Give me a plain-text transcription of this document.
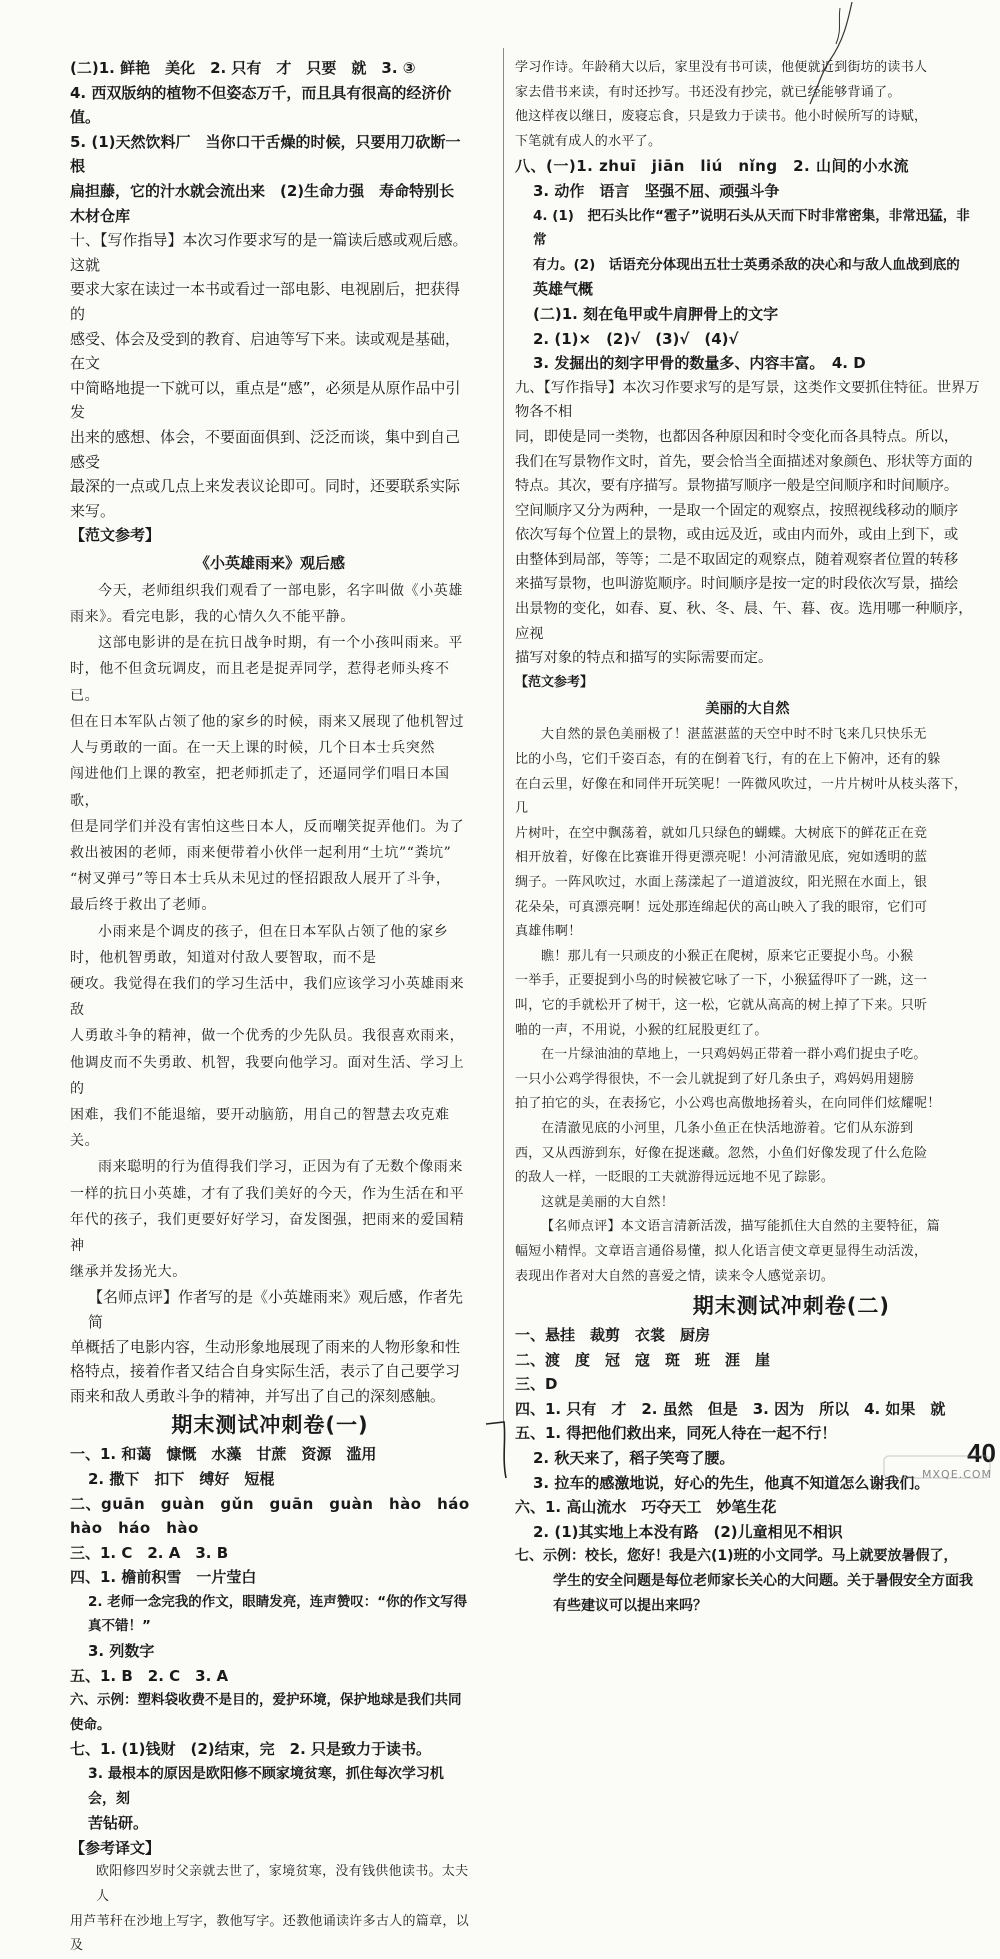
(二)1. 鲜艳　美化　2. 只有　才　只要　就　3. ③
4. 西双版纳的植物不但姿态万千，而且具有很高的经济价值。
5. (1)天然饮料厂　当你口干舌燥的时候，只要用刀砍断一根
扁担藤，它的汁水就会流出来　(2)生命力强　寿命特别长
木材仓库
十、【写作指导】本次习作要求写的是一篇读后感或观后感。这就
要求大家在读过一本书或看过一部电影、电视剧后，把获得的
感受、体会及受到的教育、启迪等写下来。读或观是基础，在文
中简略地提一下就可以，重点是“感”，必须是从原作品中引发
出来的感想、体会，不要面面俱到、泛泛而谈，集中到自己感受
最深的一点或几点上来发表议论即可。同时，还要联系实际
来写。
【范文参考】
《小英雄雨来》观后感
今天，老师组织我们观看了一部电影，名字叫做《小英雄
雨来》。看完电影，我的心情久久不能平静。
这部电影讲的是在抗日战争时期，有一个小孩叫雨来。平
时，他不但贪玩调皮，而且老是捉弄同学，惹得老师头疼不已。
但在日本军队占领了他的家乡的时候，雨来又展现了他机智过
人与勇敢的一面。在一天上课的时候，几个日本士兵突然
闯进他们上课的教室，把老师抓走了，还逼同学们唱日本国歌，
但是同学们并没有害怕这些日本人，反而嘲笑捉弄他们。为了
救出被困的老师，雨来便带着小伙伴一起利用“土坑”“粪坑”
“树叉弹弓”等日本士兵从未见过的怪招跟敌人展开了斗争，
最后终于救出了老师。
小雨来是个调皮的孩子，但在日本军队占领了他的家乡
时，他机智勇敢，知道对付敌人要智取，而不是
硬攻。我觉得在我们的学习生活中，我们应该学习小英雄雨来敌
人勇敢斗争的精神，做一个优秀的少先队员。我很喜欢雨来，
他调皮而不失勇敢、机智，我要向他学习。面对生活、学习上的
困难，我们不能退缩，要开动脑筋，用自己的智慧去攻克难关。
雨来聪明的行为值得我们学习，正因为有了无数个像雨来
一样的抗日小英雄，才有了我们美好的今天，作为生活在和平
年代的孩子，我们更要好好学习，奋发图强，把雨来的爱国精神
继承并发扬光大。
【名师点评】作者写的是《小英雄雨来》观后感，作者先简
单概括了电影内容，生动形象地展现了雨来的人物形象和性
格特点，接着作者又结合自身实际生活，表示了自己要学习
雨来和敌人勇敢斗争的精神，并写出了自己的深刻感触。
期末测试冲刺卷(一)
一、1. 和蔼　慷慨　水藻　甘蔗　资源　滥用
2. 撒下　扣下　缚好　短棍
二、guān　guàn　gǔn　guān　guàn　hào　háo　hào　háo　hào
三、1. C　2. A　3. B
四、1. 檐前积雪　一片莹白
2. 老师一念完我的作文，眼睛发亮，连声赞叹：“你的作文写得真不错！”
3. 列数字
五、1. B　2. C　3. A
六、示例：塑料袋收费不是目的，爱护环境，保护地球是我们共同使命。
七、1. (1)钱财　(2)结束，完　2. 只是致力于读书。
3. 最根本的原因是欧阳修不顾家境贫寒，抓住每次学习机会，刻
苦钻研。
【参考译文】
欧阳修四岁时父亲就去世了，家境贫寒，没有钱供他读书。太夫人
用芦苇秆在沙地上写字，教他写字。还教他诵读许多古人的篇章，以及
学习作诗。年龄稍大以后，家里没有书可读，他便就近到街坊的读书人
家去借书来读，有时还抄写。书还没有抄完，就已经能够背诵了。
他这样夜以继日，废寝忘食，只是致力于读书。他小时候所写的诗赋，
下笔就有成人的水平了。
八、(一)1. zhuī　jiān　liú　nǐng　2. 山间的小水流
3. 动作　语言　坚强不屈、顽强斗争
4. (1)　把石头比作“雹子”说明石头从天而下时非常密集，非常迅猛，非常
有力。(2)　话语充分体现出五壮士英勇杀敌的决心和与敌人血战到底的
英雄气概
(二)1. 刻在龟甲或牛肩胛骨上的文字
2. (1)×　(2)√　(3)√　(4)√
3. 发掘出的刻字甲骨的数量多、内容丰富。　4. D
九、【写作指导】本次习作要求写的是写景，这类作文要抓住特征。世界万物各不相
同，即使是同一类物，也都因各种原因和时令变化而各具特点。所以，
我们在写景物作文时，首先，要会恰当全面描述对象颜色、形状等方面的
特点。其次，要有序描写。景物描写顺序一般是空间顺序和时间顺序。
空间顺序又分为两种，一是取一个固定的观察点，按照视线移动的顺序
依次写每个位置上的景物，或由远及近，或由内而外，或由上到下，或
由整体到局部，等等；二是不取固定的观察点，随着观察者位置的转移
来描写景物，也叫游览顺序。时间顺序是按一定的时段依次写景，描绘
出景物的变化，如春、夏、秋、冬、晨、午、暮、夜。选用哪一种顺序，应视
描写对象的特点和描写的实际需要而定。
【范文参考】
美丽的大自然
大自然的景色美丽极了！湛蓝湛蓝的天空中时不时飞来几只快乐无
比的小鸟，它们千姿百态，有的在倒着飞行，有的在上下俯冲，还有的躲
在白云里，好像在和同伴开玩笑呢！一阵微风吹过，一片片树叶从枝头落下，几
片树叶，在空中飘荡着，就如几只绿色的蝴蝶。大树底下的鲜花正在竞
相开放着，好像在比赛谁开得更漂亮呢！小河清澈见底，宛如透明的蓝
绸子。一阵风吹过，水面上荡漾起了一道道波纹，阳光照在水面上，银
花朵朵，可真漂亮啊！远处那连绵起伏的高山映入了我的眼帘，它们可
真雄伟啊！
瞧！那儿有一只顽皮的小猴正在爬树，原来它正要捉小鸟。小猴
一举手，正要捉到小鸟的时候被它咏了一下，小猴猛得吓了一跳，这一
叫，它的手就松开了树干，这一松，它就从高高的树上掉了下来。只听
啪的一声，不用说，小猴的红屁股更红了。
在一片绿油油的草地上，一只鸡妈妈正带着一群小鸡们捉虫子吃。
一只小公鸡学得很快，不一会儿就捉到了好几条虫子，鸡妈妈用翅膀
拍了拍它的头，在表扬它，小公鸡也高傲地扬着头，在向同伴们炫耀呢！
在清澈见底的小河里，几条小鱼正在快活地游着。它们从东游到
西，又从西游到东，好像在捉迷藏。忽然，小鱼们好像发现了什么危险
的敌人一样，一眨眼的工夫就游得远远地不见了踪影。
这就是美丽的大自然！
【名师点评】本文语言清新活泼，描写能抓住大自然的主要特征，篇
幅短小精悍。文章语言通俗易懂，拟人化语言使文章更显得生动活泼，
表现出作者对大自然的喜爱之情，读来令人感觉亲切。
期末测试冲刺卷(二)
一、悬挂　裁剪　衣裳　厨房
二、渡　度　冠　寇　斑　班　涯　崖
三、D
四、1. 只有　才　2. 虽然　但是　3. 因为　所以　4. 如果　就
五、1. 得把他们救出来，同死人待在一起不行！
2. 秋天来了，稻子笑弯了腰。
3. 拉车的感激地说，好心的先生，他真不知道怎么谢我们。
六、1. 高山流水　巧夺天工　妙笔生花
2. (1)其实地上本没有路　(2)儿童相见不相识
七、示例：校长，您好！我是六(1)班的小文同学。马上就要放暑假了，
学生的安全问题是每位老师家长关心的大问题。关于暑假安全方面我
有些建议可以提出来吗？
40
MXQE.COM
